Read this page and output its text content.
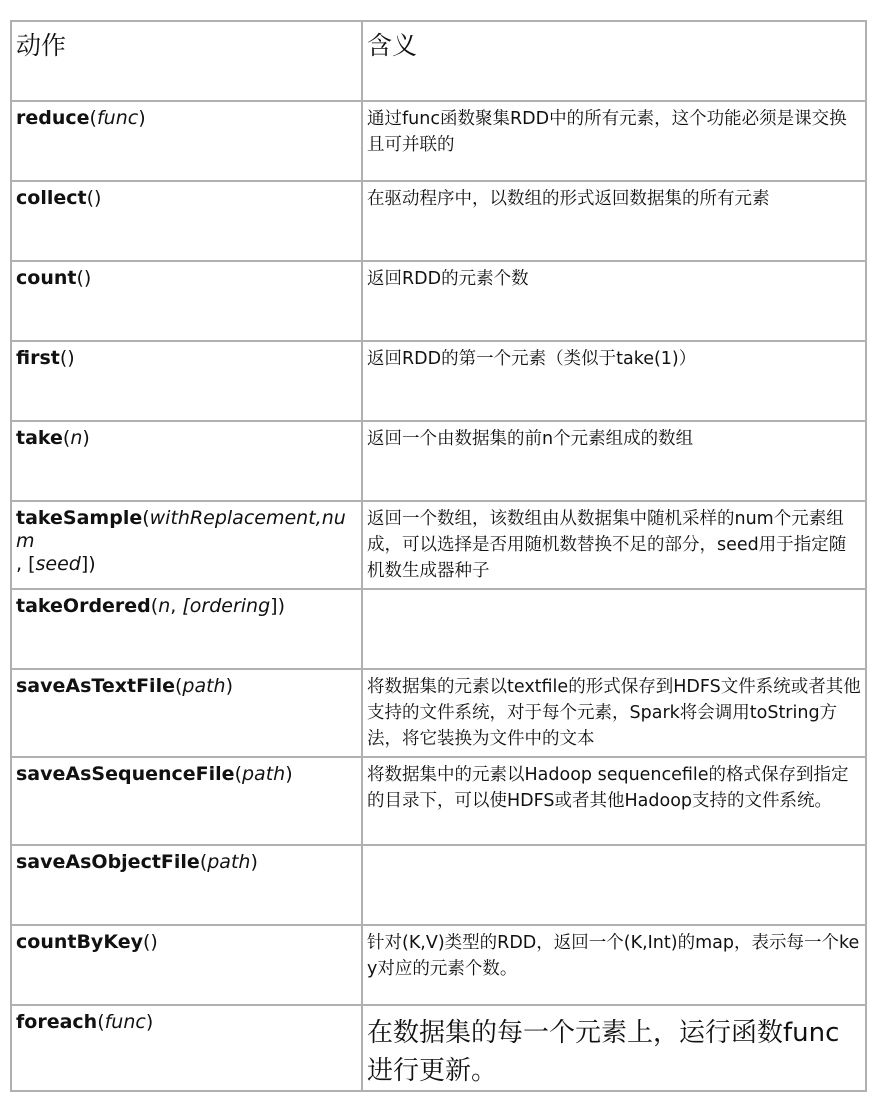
动作	含义
reduce(func)	通过func函数聚集RDD中的所有元素，这个功能必须是课交换且可并联的
collect()	在驱动程序中，以数组的形式返回数据集的所有元素
count()	返回RDD的元素个数
first()	返回RDD的第一个元素（类似于take(1)）
take(n)	返回一个由数据集的前n个元素组成的数组
takeSample(withReplacement,num
, [seed])	返回一个数组，该数组由从数据集中随机采样的num个元素组成，可以选择是否用随机数替换不足的部分，seed用于指定随机数生成器种子
takeOrdered(n, [ordering])	
saveAsTextFile(path)	将数据集的元素以textfile的形式保存到HDFS文件系统或者其他支持的文件系统，对于每个元素，Spark将会调用toString方法，将它装换为文件中的文本
saveAsSequenceFile(path)	将数据集中的元素以Hadoop sequencefile的格式保存到指定的目录下，可以使HDFS或者其他Hadoop支持的文件系统。
saveAsObjectFile(path)	
countByKey()	针对(K,V)类型的RDD，返回一个(K,Int)的map，表示每一个key对应的元素个数。
foreach(func)	在数据集的每一个元素上，运行函数func进行更新。
